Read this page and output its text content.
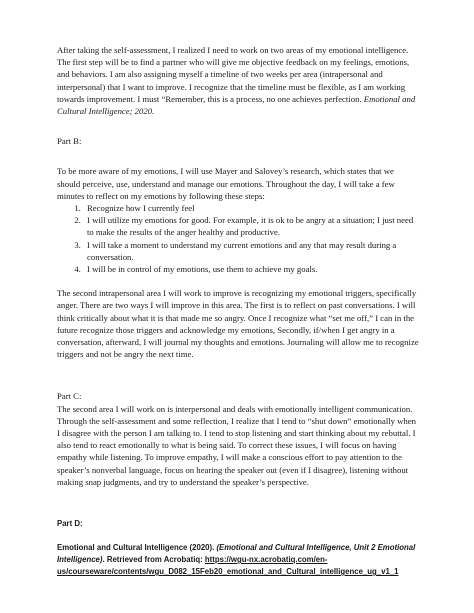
After taking the self-assessment, I realized I need to work on two areas of my emotional intelligence. The first step will be to find a partner who will give me objective feedback on my feelings, emotions, and behaviors. I am also assigning myself a timeline of two weeks per area (intrapersonal and interpersonal) that I want to improve. I recognize that the timeline must be flexible, as I am working towards improvement. I must “Remember, this is a process, no one achieves perfection. Emotional and Cultural Intelligence; 2020.

Part B:

To be more aware of my emotions, I will use Mayer and Salovey’s research, which states that we should perceive, use, understand and manage our emotions. Throughout the day, I will take a few minutes to reflect on my emotions by following these steps:

1. Recognize how I currently feel
2. I will utilize my emotions for good. For example, it is ok to be angry at a situation; I just need to make the results of the anger healthy and productive.
3. I will take a moment to understand my current emotions and any that may result during a conversation.
4. I will be in control of my emotions, use them to achieve my goals.

The second intrapersonal area I will work to improve is recognizing my emotional triggers, specifically anger. There are two ways I will improve in this area. The first is to reflect on past conversations. I will think critically about what it is that made me so angry. Once I recognize what “set me off,” I can in the future recognize those triggers and acknowledge my emotions, Secondly, if/when I get angry in a conversation, afterward, I will journal my thoughts and emotions. Journaling will allow me to recognize triggers and not be angry the next time.

Part C:

The second area I will work on is interpersonal and deals with emotionally intelligent communication. Through the self-assessment and some reflection, I realize that I tend to “shut down” emotionally when I disagree with the person I am talking to. I tend to stop listening and start thinking about my rebuttal. I also tend to react emotionally to what is being said. To correct these issues, I will focus on having empathy while listening. To improve empathy, I will make a conscious effort to pay attention to the speaker’s nonverbal language, focus on hearing the speaker out (even if I disagree), listening without making snap judgments, and try to understand the speaker’s perspective.

Part D:

Emotional and Cultural Intelligence (2020). (Emotional and Cultural Intelligence, Unit 2 Emotional Intelligence). Retrieved from Acrobatiq: https://wgu-nx.acrobatiq.com/en-us/courseware/contents/wgu_D082_15Feb20_emotional_and_Cultural_intelligence_ug_v1_1
